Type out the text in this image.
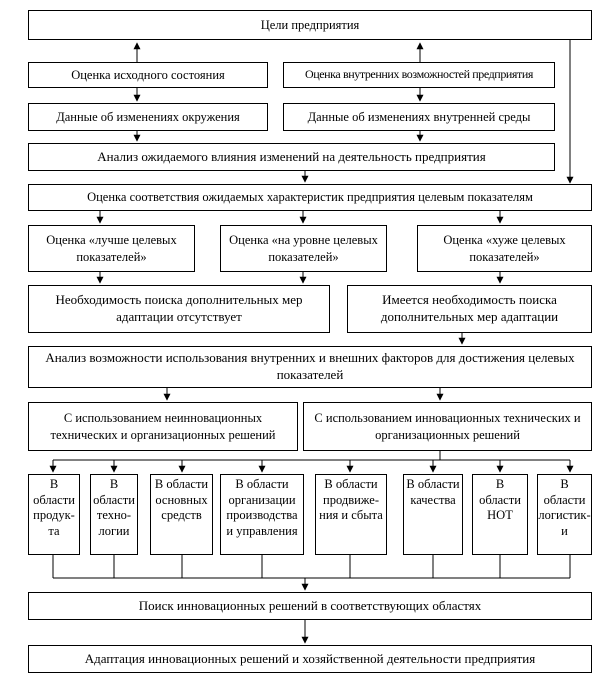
Цели предприятия
Оценка исходного состояния	Оценка внутренних возможностей предприятия
Данные об изменениях окружения	Данные об изменениях внутренней среды
Анализ ожидаемого влияния изменений на деятельность предприятия
Оценка соответствия ожидаемых характеристик предприятия целевым показателям
Оценка «лучше целевых показателей»
Оценка «на уровне целевых показателей»
Оценка «хуже целевых показателей»
Необходимость поиска дополнительных мер адаптации отсутствует
Имеется необходимость поиска дополнительных мер адаптации
Анализ возможности использования внутренних и внешних факторов для достижения целевых показателей
С использованием неинновационных технических и организационных решений
С использованием инновационных технических и организационных решений
В области продук-та
В области техно-логии
В области основных средств
В области организации производства и управления
В области продвиже-ния и сбыта
В области качества
В области НОТ
В области логистик-и
Поиск инновационных решений в соответствующих областях
Адаптация инновационных решений и хозяйственной деятельности предприятия
